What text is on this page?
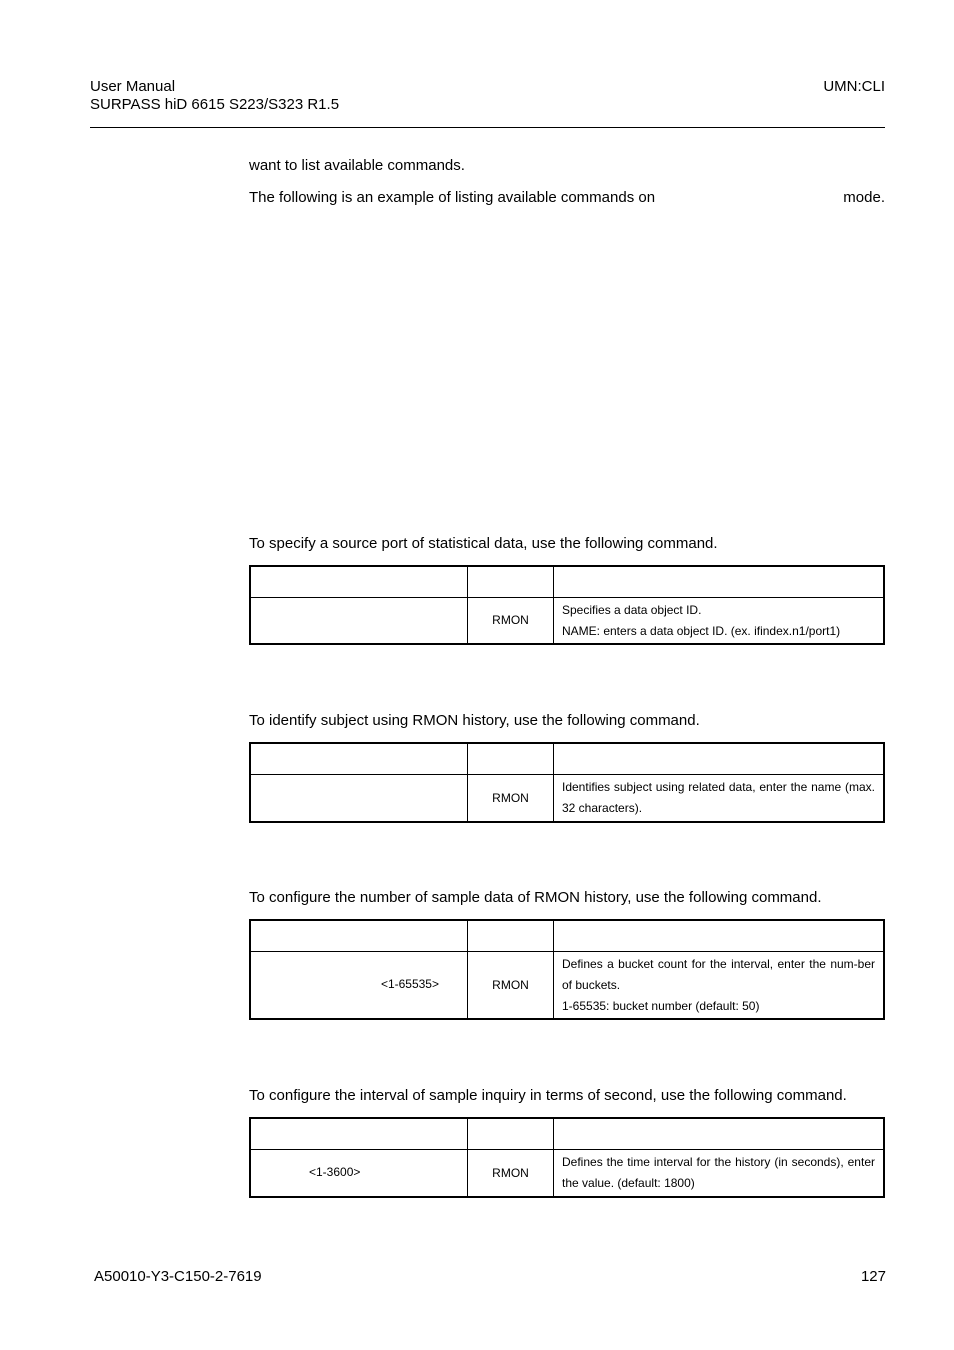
User Manual
SURPASS hiD 6615 S223/S323 R1.5
UMN:CLI
want to list available commands.
The following is an example of listing available commands on	mode.
To specify a source port of statistical data, use the following command.

	RMON	Specifies a data object ID.
NAME: enters a data object ID. (ex. ifindex.n1/port1)
To identify subject using RMON history, use the following command.

	RMON	Identifies subject using related data, enter the name (max. 32 characters).
To configure the number of sample data of RMON history, use the following command.

<1-65535>	RMON	Defines a bucket count for the interval, enter the num-ber of buckets.
1-65535: bucket number (default: 50)
To configure the interval of sample inquiry in terms of second, use the following command.

<1-3600>	RMON	Defines the time interval for the history (in seconds), enter the value. (default: 1800)
A50010-Y3-C150-2-7619	127
